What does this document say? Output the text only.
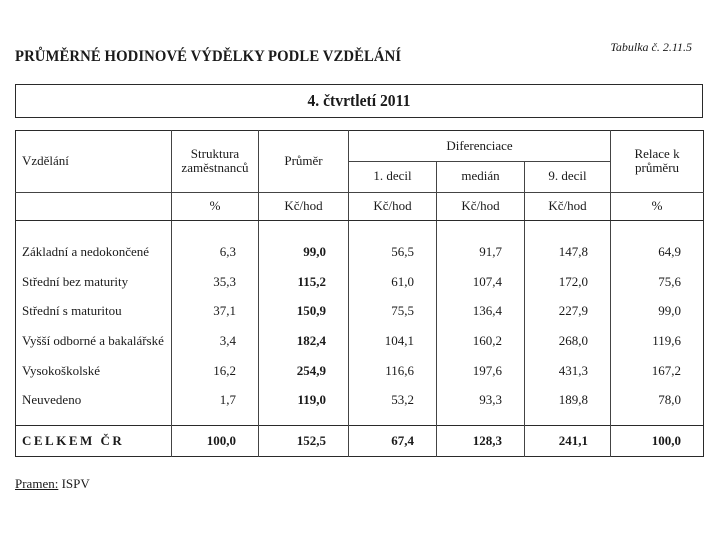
Tabulka č. 2.11.5
PRŮMĚRNÉ HODINOVÉ VÝDĚLKY PODLE VZDĚLÁNÍ
4. čtvrtletí 2011
Vzdělání	Struktura zaměstnanců	Průměr	Diferenciace			Relace k průměru
			1. decil	medián	9. decil	
	%	Kč/hod	Kč/hod	Kč/hod	Kč/hod	%

Základní a nedokončené	6,3	99,0	56,5	91,7	147,8	64,9
Střední bez maturity	35,3	115,2	61,0	107,4	172,0	75,6
Střední s maturitou	37,1	150,9	75,5	136,4	227,9	99,0
Vyšší odborné a bakalářské	3,4	182,4	104,1	160,2	268,0	119,6
Vysokoškolské	16,2	254,9	116,6	197,6	431,3	167,2
Neuvedeno	1,7	119,0	53,2	93,3	189,8	78,0

CELKEM ČR	100,0	152,5	67,4	128,3	241,1	100,0
Pramen: ISPV
